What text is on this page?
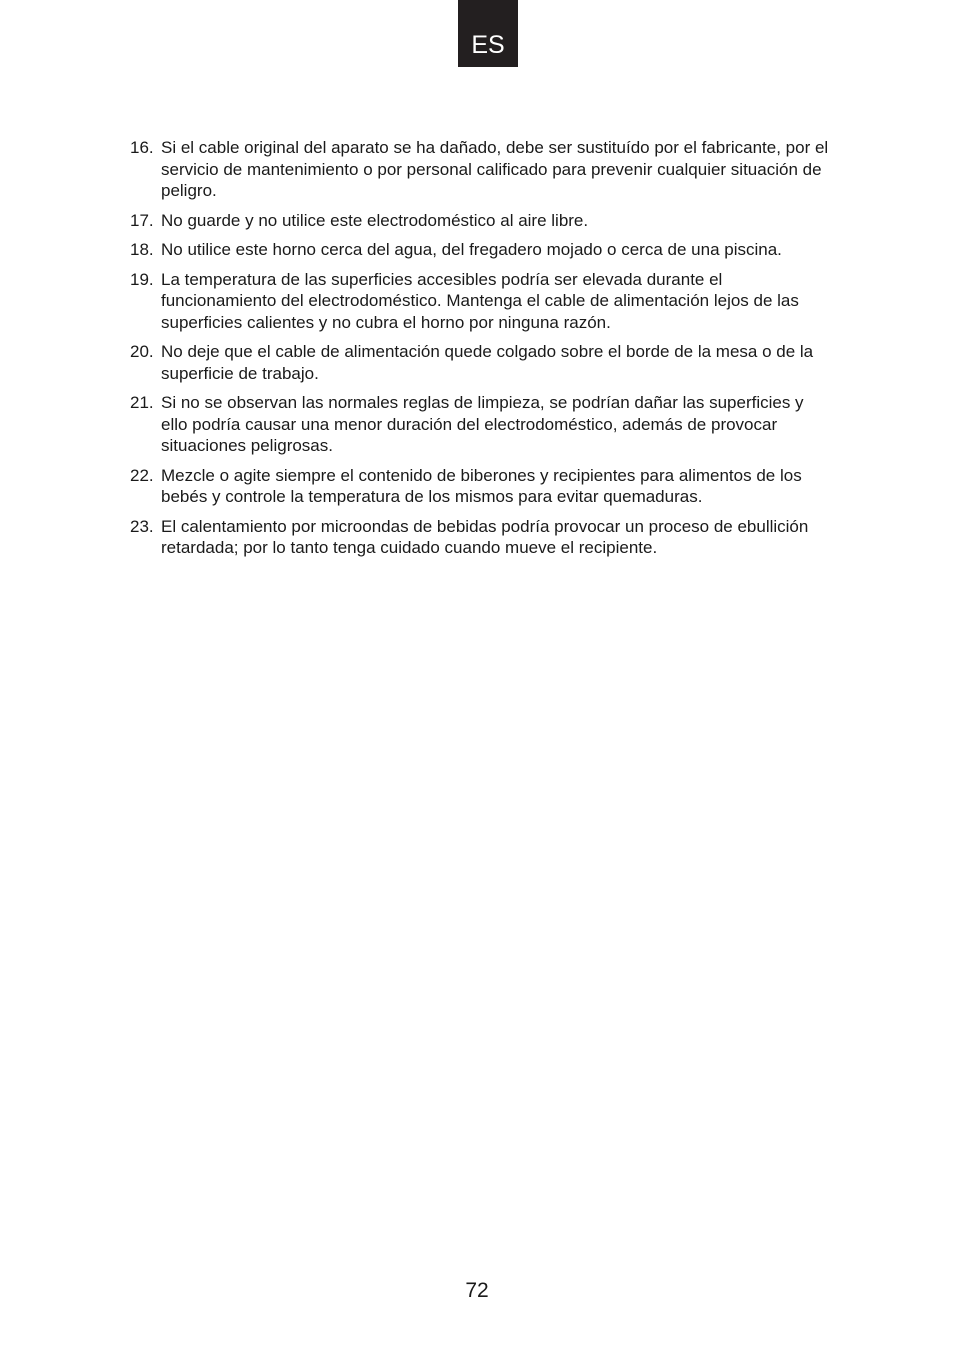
ES
16. Si el cable original del aparato se ha dañado, debe ser sustituído por el fabricante, por el servicio de mantenimiento o por personal calificado para prevenir cualquier situación de peligro.
17. No guarde y no utilice este electrodoméstico al aire libre.
18. No utilice este horno cerca del agua, del fregadero mojado o cerca de una piscina.
19. La temperatura de las superficies accesibles podría ser elevada durante el funcionamiento del electrodoméstico. Mantenga el cable de alimentación lejos de las superficies calientes y no cubra el horno por ninguna razón.
20. No deje que el cable de alimentación quede colgado sobre el borde de la mesa o de la superficie de trabajo.
21. Si no se observan las normales reglas de limpieza, se podrían dañar las superficies y ello podría causar una menor duración del electrodoméstico, además de provocar situaciones peligrosas.
22. Mezcle o agite siempre el contenido de biberones y recipientes para alimentos de los bebés y controle la temperatura de los mismos para evitar quemaduras.
23. El calentamiento por microondas de bebidas podría provocar un proceso de ebullición retardada; por lo tanto tenga cuidado cuando mueve el recipiente.
72
